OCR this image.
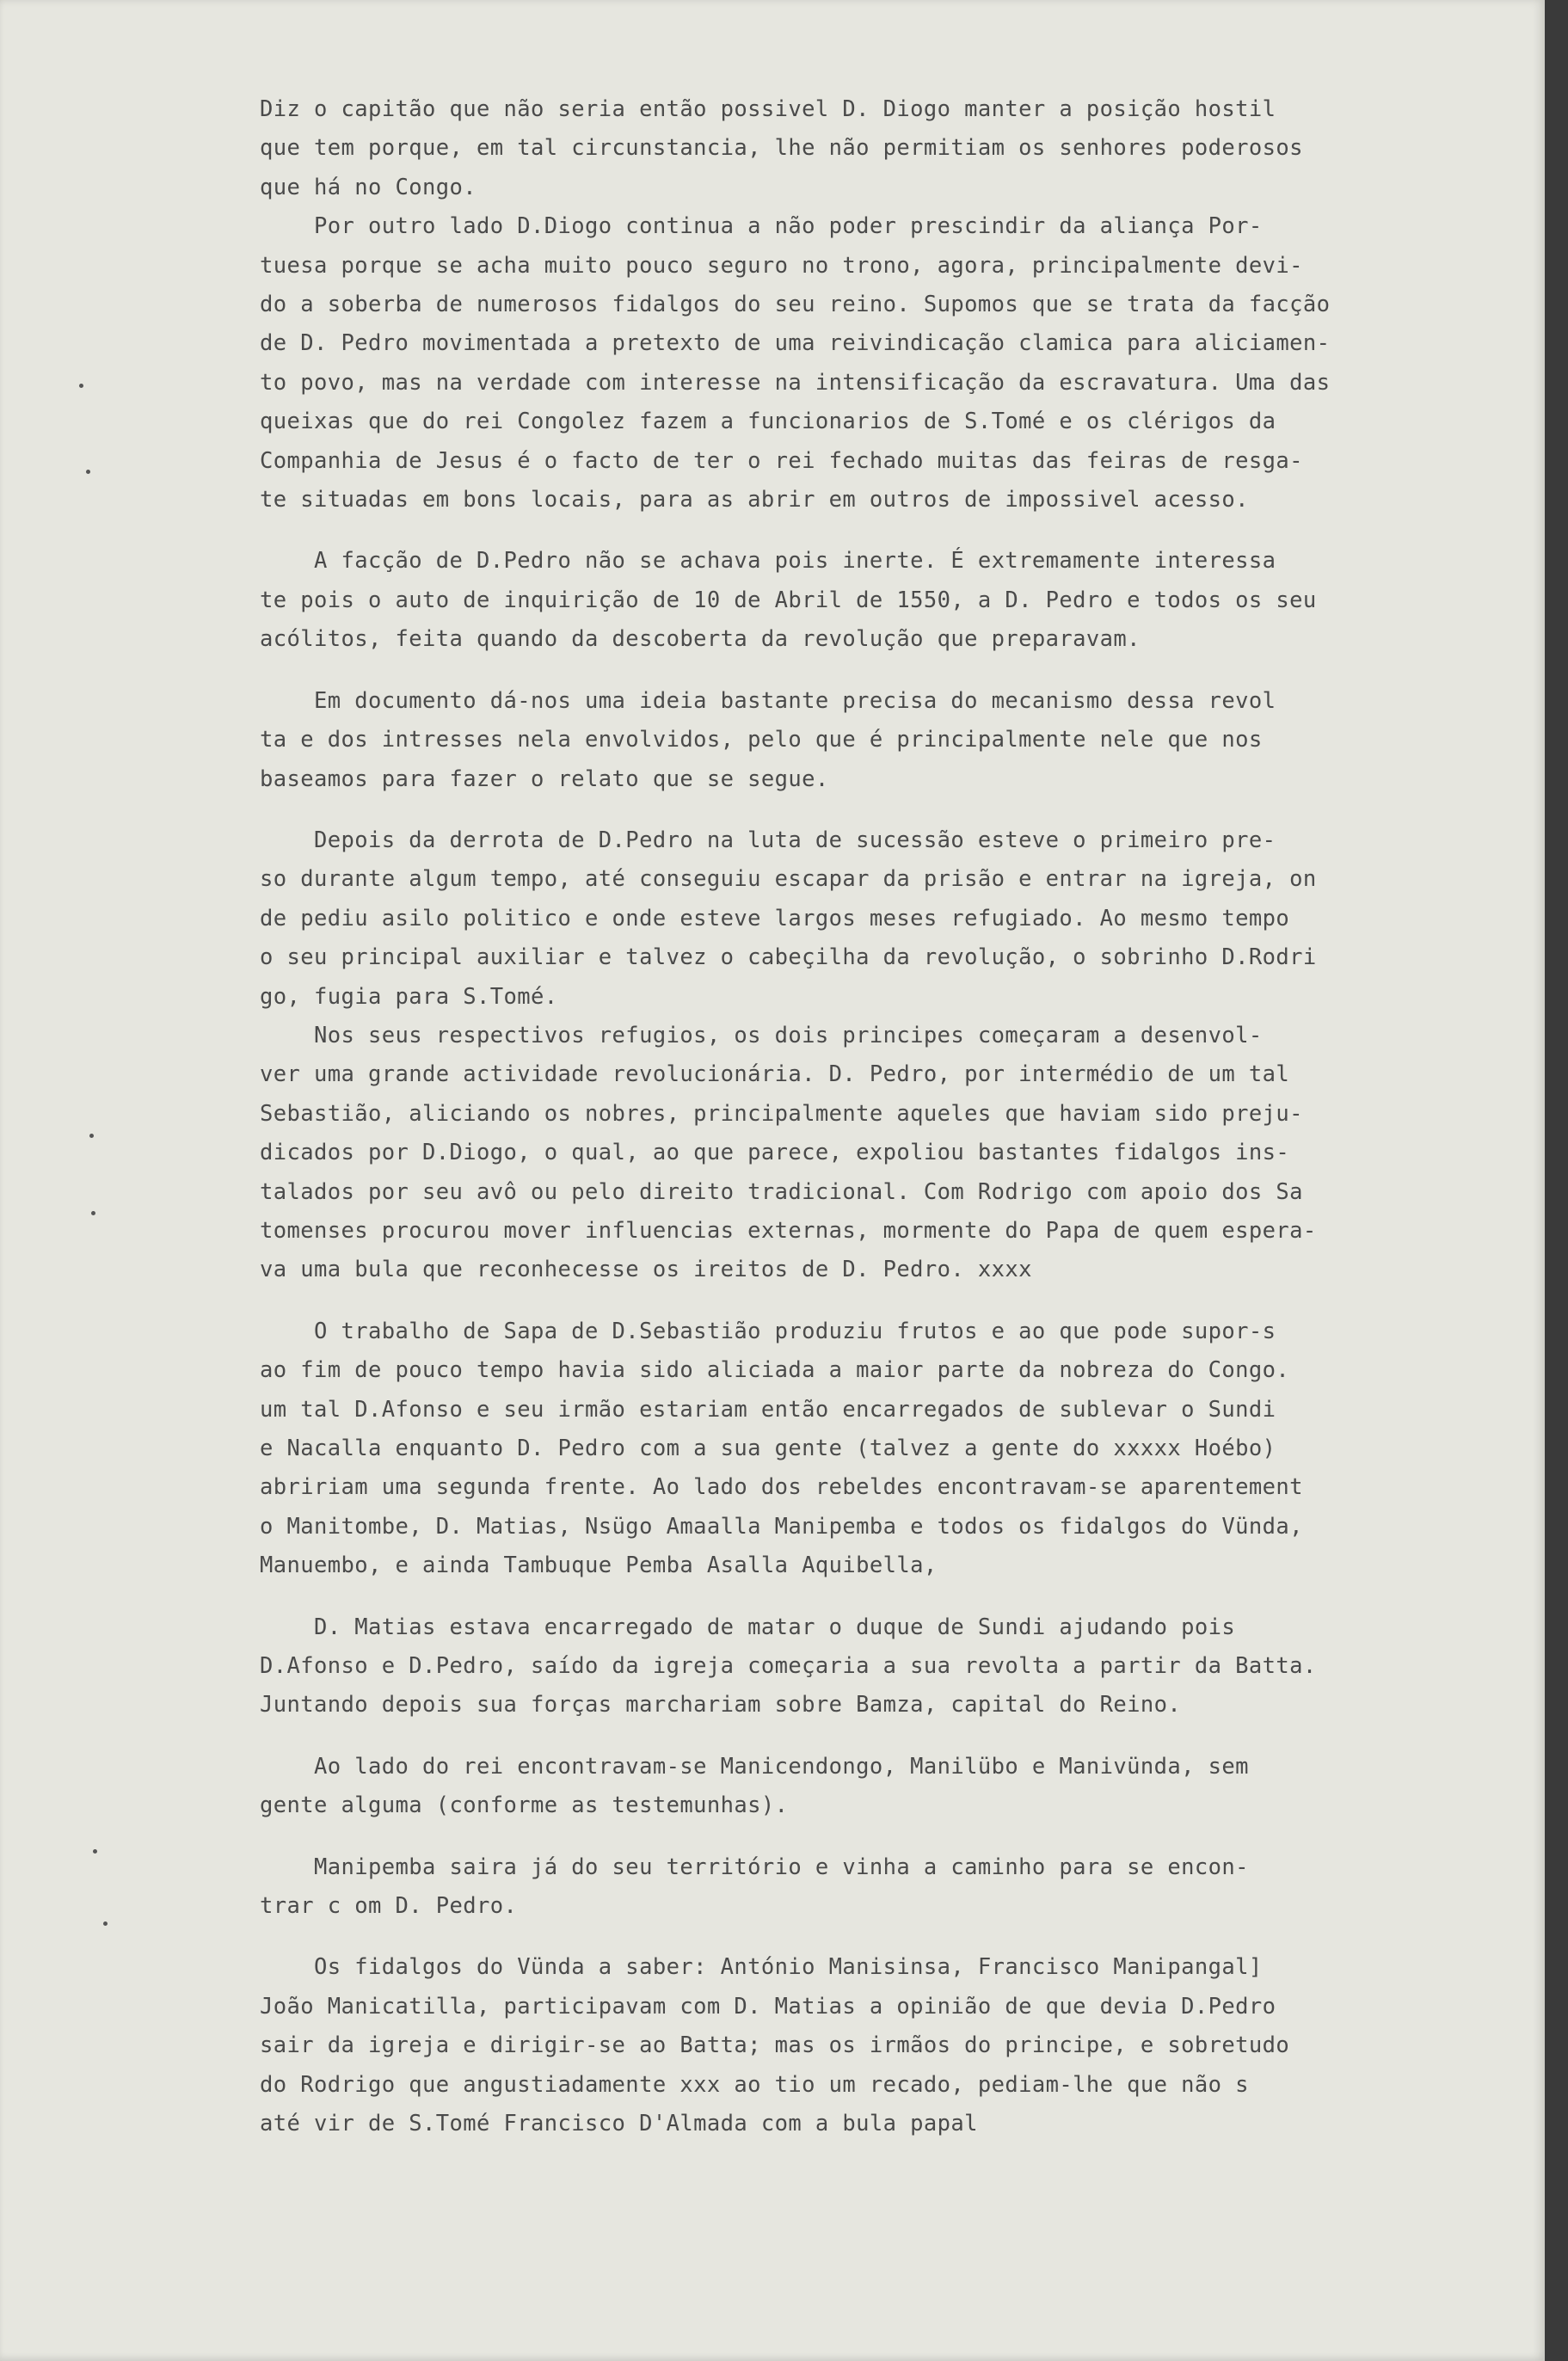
Diz o capitão que não seria então possivel D. Diogo manter a posição hostil
que tem porque, em tal circunstancia, lhe não permitiam os senhores poderosos
que há no Congo.
Por outro lado D.Diogo continua a não poder prescindir da aliança Por-
tuesa porque se acha muito pouco seguro no trono, agora, principalmente devi-
do a soberba de numerosos fidalgos do seu reino. Supomos que se trata da facção
de D. Pedro movimentada a pretexto de uma reivindicação clamica para aliciamen-
to povo, mas na verdade com interesse na intensificação da escravatura. Uma das
queixas que do rei Congolez fazem a funcionarios de S.Tomé e os clérigos da
Companhia de Jesus é o facto de ter o rei fechado muitas das feiras de resga-
te situadas em bons locais, para as abrir em outros de impossivel acesso.
A facção de D.Pedro não se achava pois inerte. É extremamente interessa
te pois o auto de inquirição de 10 de Abril de 1550, a D. Pedro e todos os seu
acólitos, feita quando da descoberta da revolução que preparavam.
Em documento dá-nos uma ideia bastante precisa do mecanismo dessa revol
ta e dos intresses nela envolvidos, pelo que é principalmente nele que nos
baseamos para fazer o relato que se segue.
Depois da derrota de D.Pedro na luta de sucessão esteve o primeiro pre-
so durante algum tempo, até conseguiu escapar da prisão e entrar na igreja, on
de pediu asilo politico e onde esteve largos meses refugiado. Ao mesmo tempo
o seu principal auxiliar e talvez o cabeçilha da revolução, o sobrinho D.Rodri
go, fugia para S.Tomé.
Nos seus respectivos refugios, os dois principes começaram a desenvol-
ver uma grande actividade revolucionária. D. Pedro, por intermédio de um tal
Sebastião, aliciando os nobres, principalmente aqueles que haviam sido preju-
dicados por D.Diogo, o qual, ao que parece, expoliou bastantes fidalgos ins-
talados por seu avô ou pelo direito tradicional. Com Rodrigo com apoio dos Sa
tomenses procurou mover influencias externas, mormente do Papa de quem espera-
va uma bula que reconhecesse os ireitos de D. Pedro. xxxx
O trabalho de Sapa de D.Sebastião produziu frutos e ao que pode supor-s
ao fim de pouco tempo havia sido aliciada a maior parte da nobreza do Congo.
um tal D.Afonso e seu irmão estariam então encarregados de sublevar o Sundi
e Nacalla enquanto D. Pedro com a sua gente (talvez a gente do xxxxx Hoébo)
abririam uma segunda frente. Ao lado dos rebeldes encontravam-se aparentement
o Manitombe, D. Matias, Nsügo Amaalla Manipemba e todos os fidalgos do Vünda,
Manuembo, e ainda Tambuque Pemba Asalla Aquibella,
D. Matias estava encarregado de matar o duque de Sundi ajudando pois
D.Afonso e D.Pedro, saído da igreja começaria a sua revolta a partir da Batta.
Juntando depois sua forças marchariam sobre Bamza, capital do Reino.
Ao lado do rei encontravam-se Manicendongo, Manilübo e Manivünda, sem
gente alguma (conforme as testemunhas).
Manipemba saira já do seu território e vinha a caminho para se encon-
trar c om D. Pedro.
Os fidalgos do Vünda a saber: António Manisinsa, Francisco Manipangal]
João Manicatilla, participavam com D. Matias a opinião de que devia D.Pedro
sair da igreja e dirigir-se ao Batta; mas os irmãos do principe, e sobretudo
do Rodrigo que angustiadamente xxx ao tio um recado, pediam-lhe que não s
até vir de S.Tomé Francisco D'Almada com a bula papal
